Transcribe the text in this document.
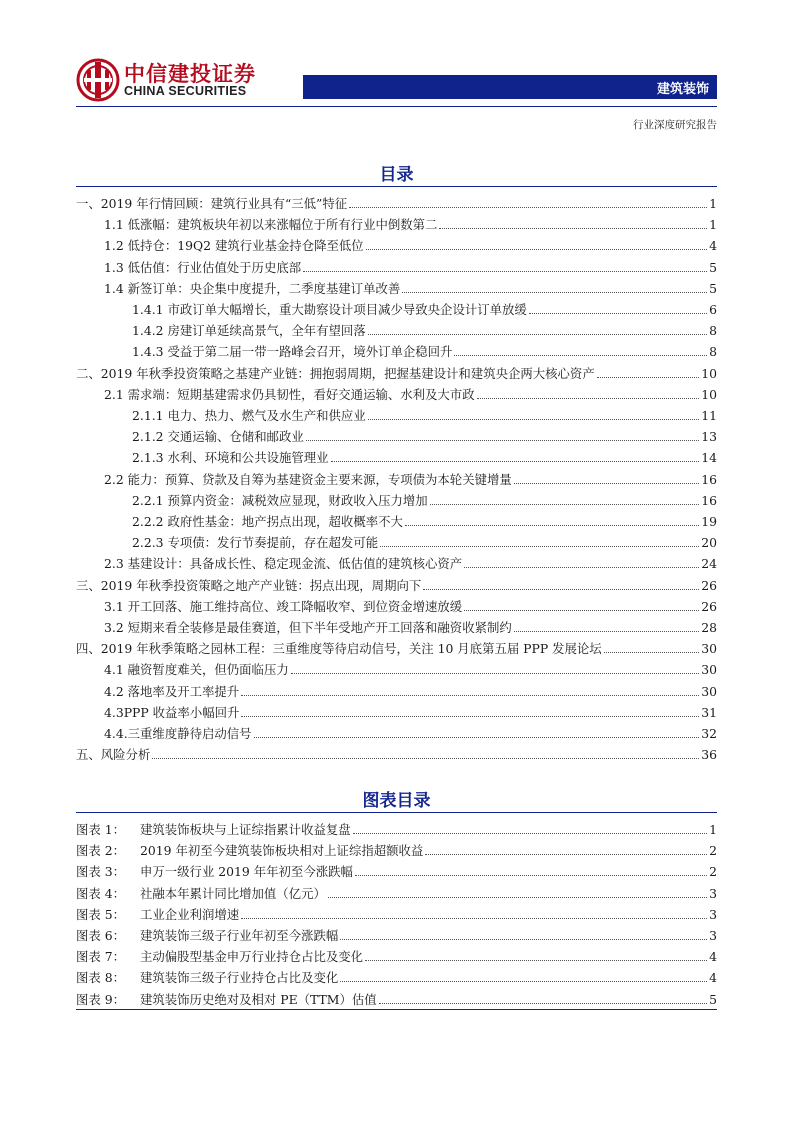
中信建投证券
CHINA SECURITIES	建筑装饰
行业深度研究报告
目录
一、2019 年行情回顾：建筑行业具有“三低”特征	1
1.1 低涨幅：建筑板块年初以来涨幅位于所有行业中倒数第二	1
1.2 低持仓：19Q2 建筑行业基金持仓降至低位	4
1.3 低估值：行业估值处于历史底部	5
1.4 新签订单：央企集中度提升，二季度基建订单改善	5
1.4.1 市政订单大幅增长，重大勘察设计项目减少导致央企设计订单放缓	6
1.4.2 房建订单延续高景气，全年有望回落	8
1.4.3 受益于第二届一带一路峰会召开，境外订单企稳回升	8
二、2019 年秋季投资策略之基建产业链：拥抱弱周期，把握基建设计和建筑央企两大核心资产	10
2.1 需求端：短期基建需求仍具韧性，看好交通运输、水利及大市政	10
2.1.1 电力、热力、燃气及水生产和供应业	11
2.1.2 交通运输、仓储和邮政业	13
2.1.3 水利、环境和公共设施管理业	14
2.2 能力：预算、贷款及自筹为基建资金主要来源，专项债为本轮关键增量	16
2.2.1 预算内资金：减税效应显现，财政收入压力增加	16
2.2.2 政府性基金：地产拐点出现，超收概率不大	19
2.2.3 专项债：发行节奏提前，存在超发可能	20
2.3 基建设计：具备成长性、稳定现金流、低估值的建筑核心资产	24
三、2019 年秋季投资策略之地产产业链：拐点出现，周期向下	26
3.1 开工回落、施工维持高位、竣工降幅收窄、到位资金增速放缓	26
3.2 短期来看全装修是最佳赛道，但下半年受地产开工回落和融资收紧制约	28
四、2019 年秋季策略之园林工程：三重维度等待启动信号，关注 10 月底第五届 PPP 发展论坛	30
4.1 融资暂度难关，但仍面临压力	30
4.2 落地率及开工率提升	30
4.3PPP 收益率小幅回升	31
4.4.三重维度静待启动信号	32
五、风险分析	36
图表目录
图表 1：	建筑装饰板块与上证综指累计收益复盘	1
图表 2：	2019 年初至今建筑装饰板块相对上证综指超额收益	2
图表 3：	申万一级行业 2019 年年初至今涨跌幅	2
图表 4：	社融本年累计同比增加值（亿元）	3
图表 5：	工业企业利润增速	3
图表 6：	建筑装饰三级子行业年初至今涨跌幅	3
图表 7：	主动偏股型基金申万行业持仓占比及变化	4
图表 8：	建筑装饰三级子行业持仓占比及变化	4
图表 9：	建筑装饰历史绝对及相对 PE（TTM）估值	5
